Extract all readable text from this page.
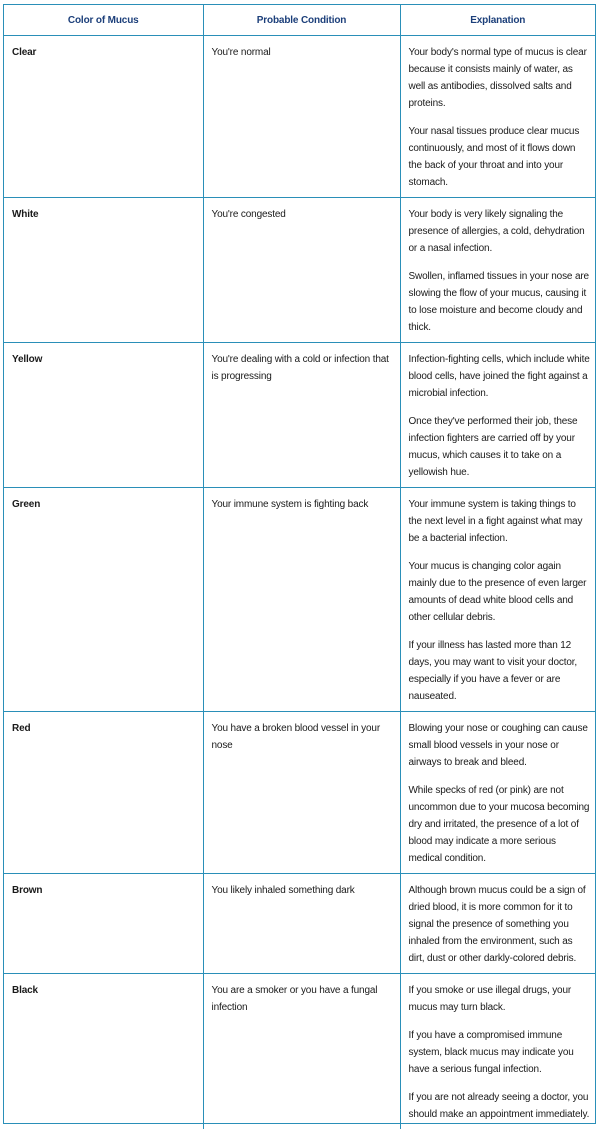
Color of Mucus	Probable Condition	Explanation
Clear	You're normal	Your body's normal type of mucus is clear because it consists mainly of water, as well as antibodies, dissolved salts and proteins.

Your nasal tissues produce clear mucus continuously, and most of it flows down the back of your throat and into your stomach.

White	You're congested	Your body is very likely signaling the presence of allergies, a cold, dehydration or a nasal infection.

Swollen, inflamed tissues in your nose are slowing the flow of your mucus, causing it to lose moisture and become cloudy and thick.

Yellow	You're dealing with a cold or infection that is progressing	Infection-fighting cells, which include white blood cells, have joined the fight against a microbial infection.

Once they've performed their job, these infection fighters are carried off by your mucus, which causes it to take on a yellowish hue.

Green	Your immune system is fighting back	Your immune system is taking things to the next level in a fight against what may be a bacterial infection.

Your mucus is changing color again mainly due to the presence of even larger amounts of dead white blood cells and other cellular debris.

If your illness has lasted more than 12 days, you may want to visit your doctor, especially if you have a fever or are nauseated.

Red	You have a broken blood vessel in your nose	Blowing your nose or coughing can cause small blood vessels in your nose or airways to break and bleed.

While specks of red (or pink) are not uncommon due to your mucosa becoming dry and irritated, the presence of a lot of blood may indicate a more serious medical condition.

Brown	You likely inhaled something dark	Although brown mucus could be a sign of dried blood, it is more common for it to signal the presence of something you inhaled from the environment, such as dirt, dust or other darkly-colored debris.

Black	You are a smoker or you have a fungal infection	If you smoke or use illegal drugs, your mucus may turn black.

If you have a compromised immune system, black mucus may indicate you have a serious fungal infection.

If you are not already seeing a doctor, you should make an appointment immediately.
